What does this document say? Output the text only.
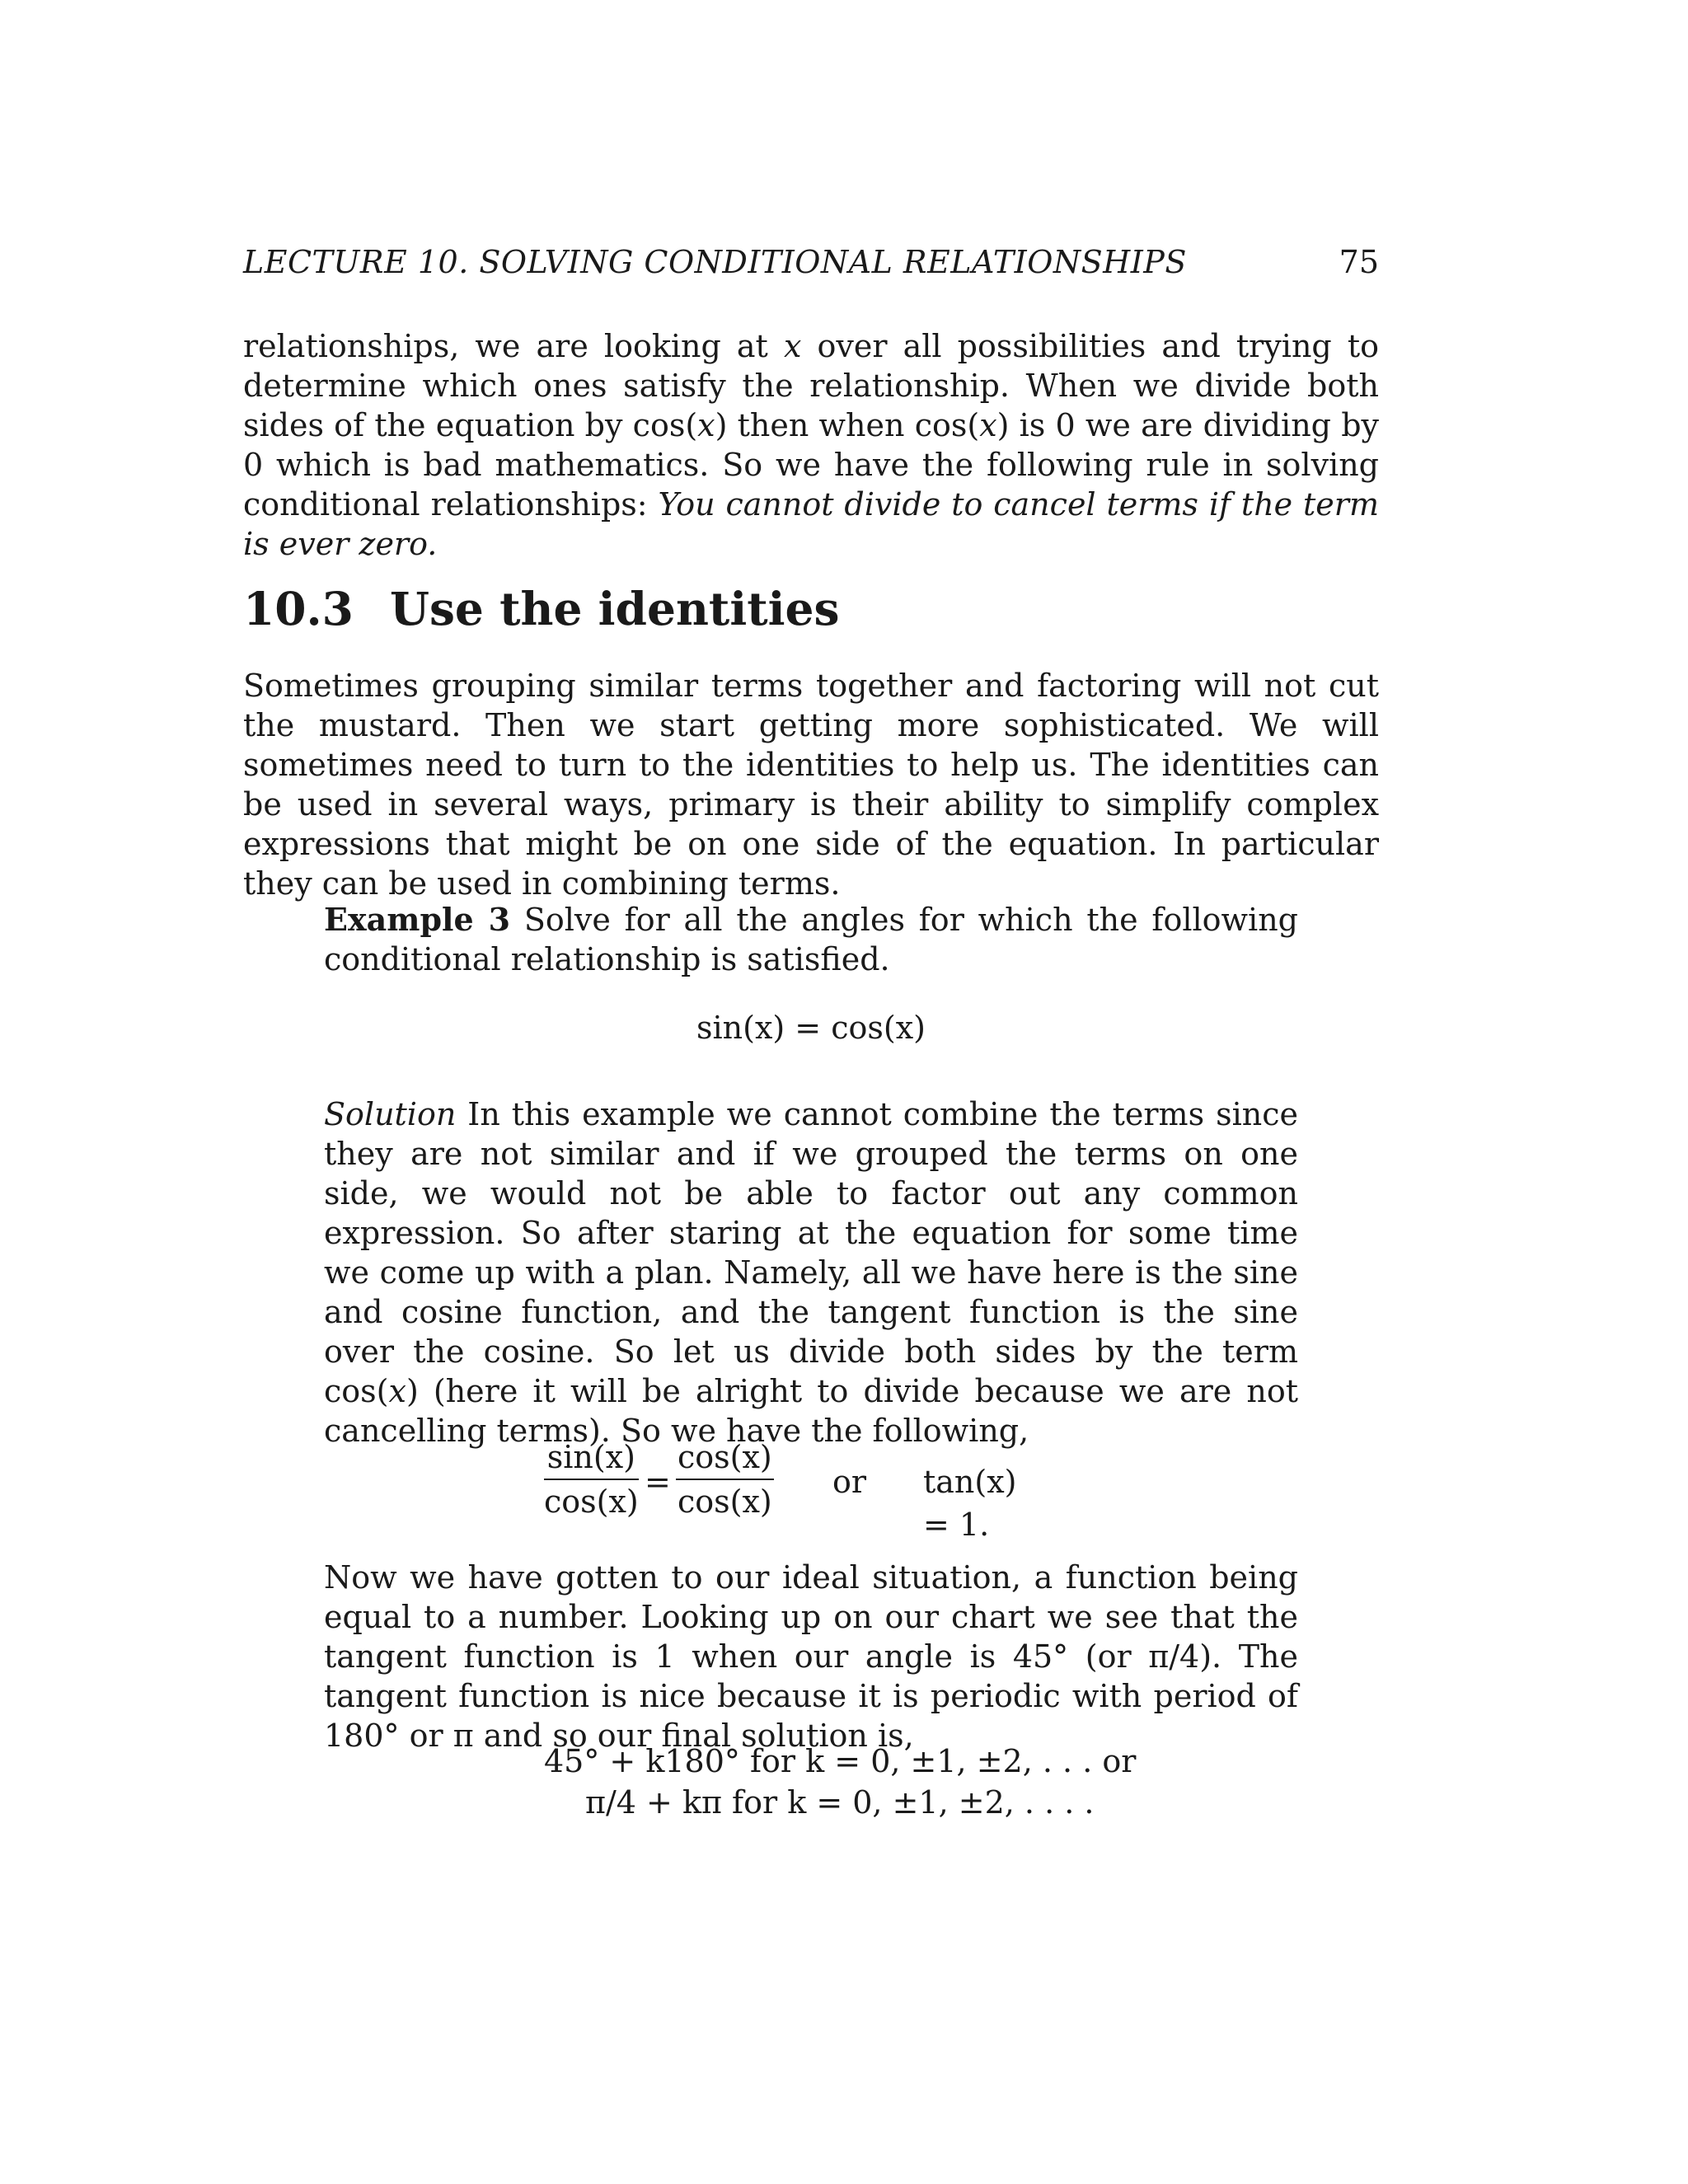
LECTURE 10. SOLVING CONDITIONAL RELATIONSHIPS	75
relationships, we are looking at x over all possibilities and trying to determine which ones satisfy the relationship. When we divide both sides of the equation by cos(x) then when cos(x) is 0 we are dividing by 0 which is bad mathematics. So we have the following rule in solving conditional relationships: You cannot divide to cancel terms if the term is ever zero.
10.3 Use the identities
Sometimes grouping similar terms together and factoring will not cut the mustard. Then we start getting more sophisticated. We will sometimes need to turn to the identities to help us. The identities can be used in several ways, primary is their ability to simplify complex expressions that might be on one side of the equation. In particular they can be used in combining terms.
Example 3 Solve for all the angles for which the following conditional relationship is satisfied.
sin(x) = cos(x)
Solution In this example we cannot combine the terms since they are not similar and if we grouped the terms on one side, we would not be able to factor out any common expression. So after staring at the equation for some time we come up with a plan. Namely, all we have here is the sine and cosine function, and the tangent function is the sine over the cosine. So let us divide both sides by the term cos(x) (here it will be alright to divide because we are not cancelling terms). So we have the following,
$\frac{\sin(x)}{\cos(x)} = \frac{\cos(x)}{\cos(x)}$ or tan(x) = 1.
Now we have gotten to our ideal situation, a function being equal to a number. Looking up on our chart we see that the tangent function is 1 when our angle is 45° (or π/4). The tangent function is nice because it is periodic with period of 180° or π and so our final solution is,
45° + k180° for k = 0, ±1, ±2, . . . or
π/4 + kπ for k = 0, ±1, ±2, . . . .
